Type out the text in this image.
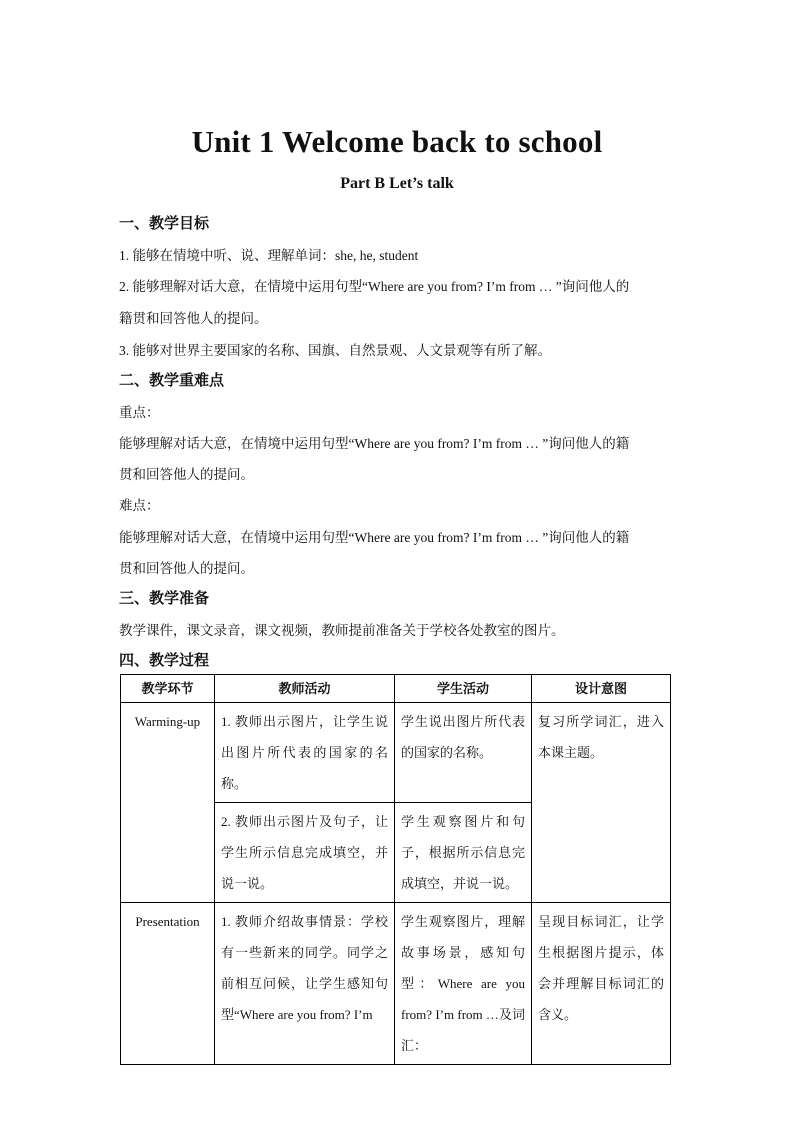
Unit 1 Welcome back to school
Part B Let’s talk
一、教学目标
1. 能够在情境中听、说、理解单词：she, he, student
2. 能够理解对话大意，在情境中运用句型“Where are you from? I’m from … ”询问他人的
籍贯和回答他人的提问。
3. 能够对世界主要国家的名称、国旗、自然景观、人文景观等有所了解。
二、教学重难点
重点：
能够理解对话大意，在情境中运用句型“Where are you from? I’m from … ”询问他人的籍
贯和回答他人的提问。
难点：
能够理解对话大意，在情境中运用句型“Where are you from? I’m from … ”询问他人的籍
贯和回答他人的提问。
三、教学准备
教学课件，课文录音，课文视频，教师提前准备关于学校各处教室的图片。
四、教学过程
教学环节	教师活动	学生活动	设计意图
Warming-up	1. 教师出示图片，让学生说出图片所代表的国家的名称。	学生说出图片所代表的国家的名称。	复习所学词汇，进入本课主题。
	2. 教师出示图片及句子，让学生所示信息完成填空，并说一说。	学生观察图片和句子，根据所示信息完成填空，并说一说。	
Presentation	1. 教师介绍故事情景：学校有一些新来的同学。同学之前相互问候，让学生感知句型“Where are you from? I’m	学生观察图片，理解故事场景，感知句型：Where are you from? I’m from …及词汇：	呈现目标词汇，让学生根据图片提示，体会并理解目标词汇的含义。
